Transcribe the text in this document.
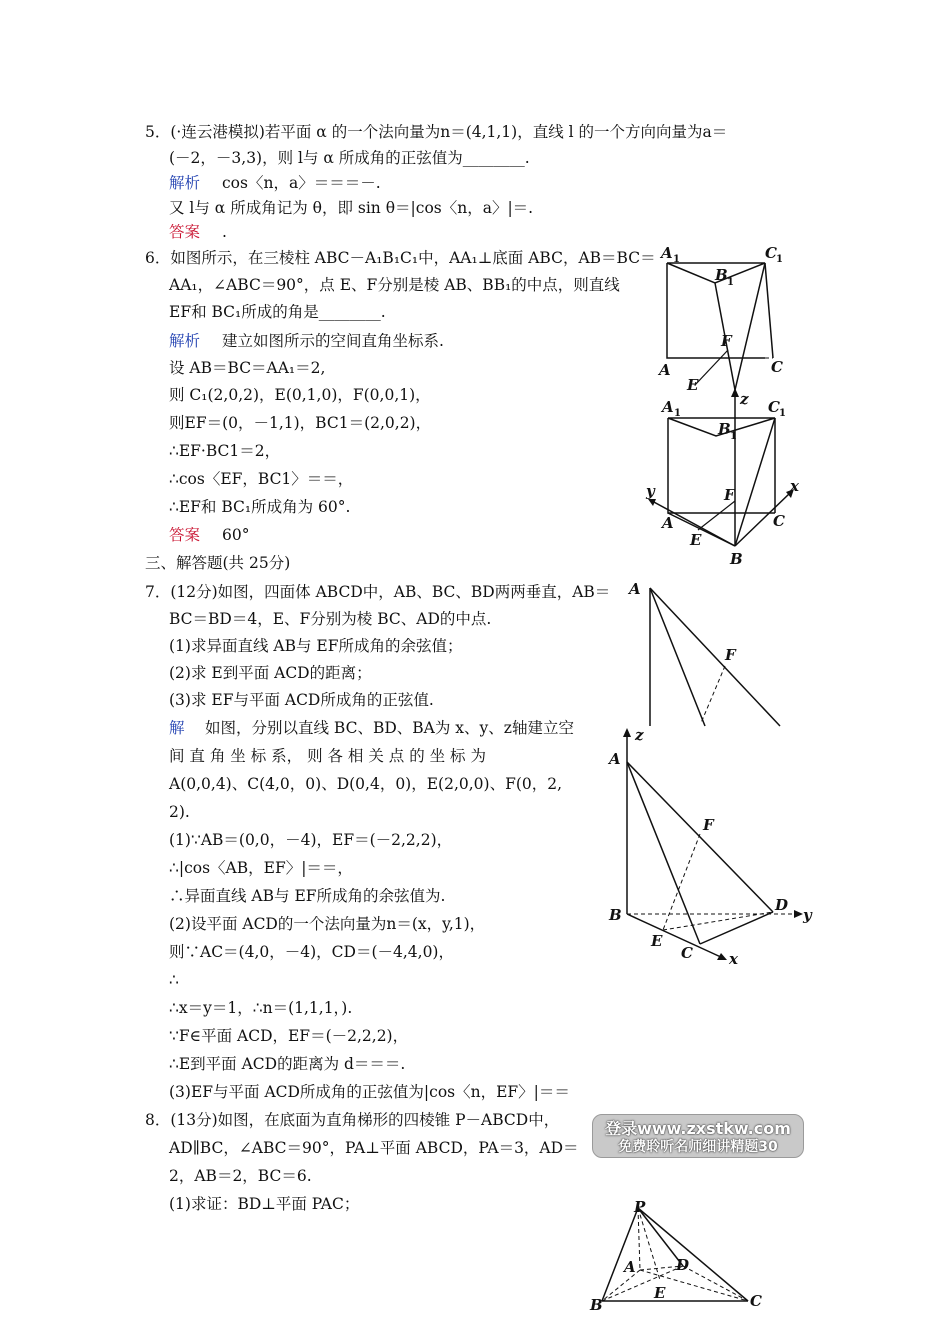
5．(·连云港模拟)若平面 α 的一个法向量为n＝(4,1,1)，直线 l 的一个方向向量为a＝
(－2，－3,3)，则 l与 α 所成角的正弦值为________.
解析 cos〈n，a〉＝＝＝－.
又 l与 α 所成角记为 θ，即 sin θ＝|cos〈n，a〉|＝.
答案 .
6．如图所示，在三棱柱 ABC－A₁B₁C₁中，AA₁⊥底面 ABC，AB＝BC＝
AA₁，∠ABC＝90°，点 E、F分别是棱 AB、BB₁的中点，则直线
EF和 BC₁所成的角是________.
解析 建立如图所示的空间直角坐标系.
设 AB＝BC＝AA₁＝2,
则 C₁(2,0,2)，E(0,1,0)，F(0,0,1)，
则EF＝(0，－1,1)，BC1＝(2,0,2)，
∴EF·BC1＝2，
∴cos〈EF，BC1〉＝＝，
∴EF和 BC₁所成角为 60°.
答案 60°
三、解答题(共 25分)
7．(12分)如图，四面体 ABCD中，AB、BC、BD两两垂直，AB＝
BC＝BD＝4，E、F分别为棱 BC、AD的中点.
(1)求异面直线 AB与 EF所成角的余弦值；
(2)求 E到平面 ACD的距离；
(3)求 EF与平面 ACD所成角的正弦值.
解 如图，分别以直线 BC、BD、BA为 x、y、z轴建立空
间 直 角 坐 标 系， 则 各 相 关 点 的 坐 标 为
A(0,0,4)、C(4,0，0)、D(0,4，0)，E(2,0,0)、F(0，2,
2).
(1)∵AB＝(0,0，－4)，EF＝(－2,2,2)，
∴|cos〈AB，EF〉|＝＝，
∴异面直线 AB与 EF所成角的余弦值为.
(2)设平面 ACD的一个法向量为n＝(x，y,1)，
则∵AC＝(4,0，－4)，CD＝(－4,4,0)，
∴
∴x＝y＝1，∴n＝(1,1,1，).
∵F∈平面 ACD，EF＝(－2,2,2)，
∴E到平面 ACD的距离为 d＝＝＝.
(3)EF与平面 ACD所成角的正弦值为|cos〈n，EF〉|＝＝
8．(13分)如图，在底面为直角梯形的四棱锥 P－ABCD中，
AD∥BC，∠ABC＝90°，PA⊥平面 ABCD，PA＝3，AD＝
2，AB＝2，BC＝6.
(1)求证：BD⊥平面 PAC；
A 1
B 1
C 1
F
A
E
C
z
y	x
A 1
B 1
C 1
F
A
E
B
C
A
F
A
z
F
B
D
y
E
C x
登录www.zxstkw.com
免费聆听名师细讲精题30
P
A	D
E
B	C
